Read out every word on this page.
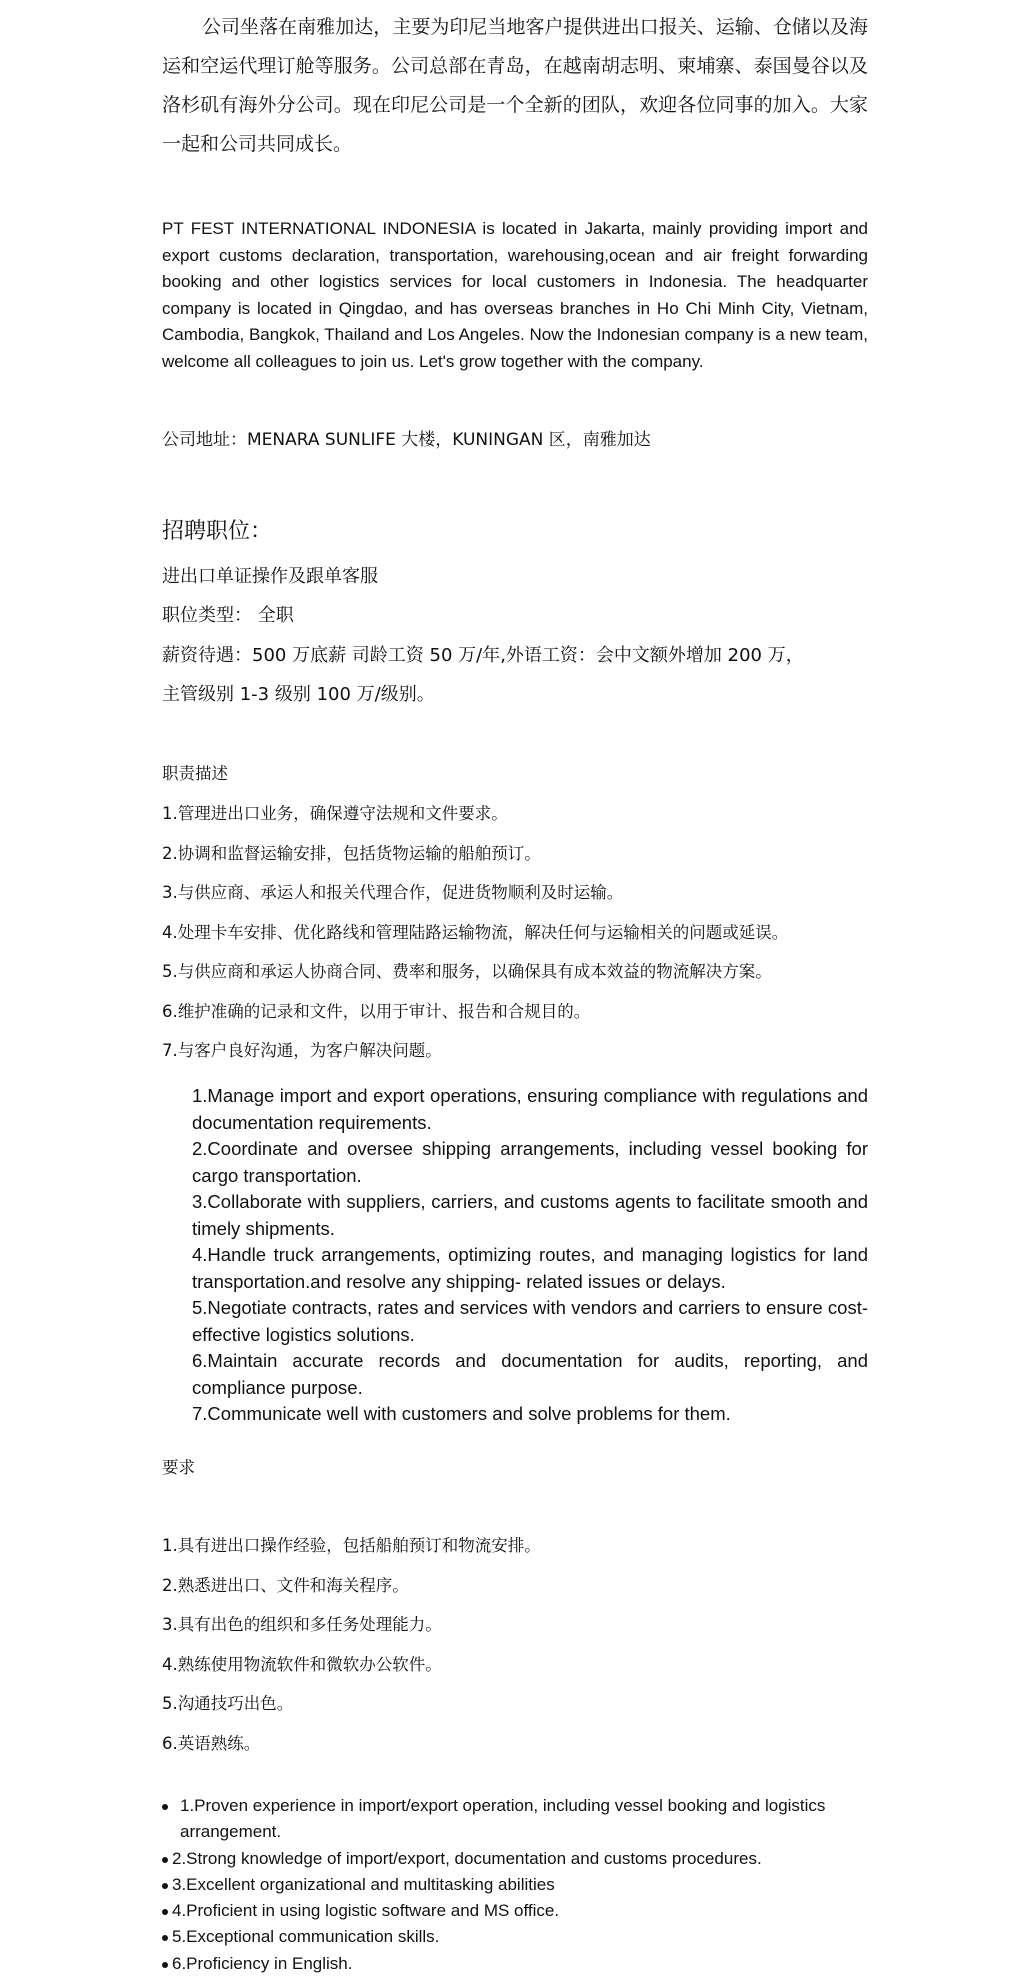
公司坐落在南雅加达，主要为印尼当地客户提供进出口报关、运输、仓储以及海运和空运代理订舱等服务。公司总部在青岛，在越南胡志明、柬埔寨、泰国曼谷以及洛杉矶有海外分公司。现在印尼公司是一个全新的团队，欢迎各位同事的加入。大家一起和公司共同成长。

PT FEST INTERNATIONAL INDONESIA is located in Jakarta, mainly providing import and export customs declaration, transportation, warehousing,ocean and air freight forwarding booking and other logistics services for local customers in Indonesia. The headquarter company is located in Qingdao, and has overseas branches in Ho Chi Minh City, Vietnam, Cambodia, Bangkok, Thailand and Los Angeles. Now the Indonesian company is a new team, welcome all colleagues to join us. Let's grow together with the company.

公司地址：MENARA SUNLIFE 大楼，KUNINGAN 区，南雅加达

招聘职位：
进出口单证操作及跟单客服
职位类型： 全职
薪资待遇：500 万底薪 司龄工资 50 万/年,外语工资：会中文额外增加 200 万，
主管级别 1-3 级别 100 万/级别。
职责描述
1.管理进出口业务，确保遵守法规和文件要求。
2.协调和监督运输安排，包括货物运输的船舶预订。
3.与供应商、承运人和报关代理合作，促进货物顺利及时运输。
4.处理卡车安排、优化路线和管理陆路运输物流，解决任何与运输相关的问题或延误。
5.与供应商和承运人协商合同、费率和服务，以确保具有成本效益的物流解决方案。
6.维护准确的记录和文件，以用于审计、报告和合规目的。
7.与客户良好沟通，为客户解决问题。
1.Manage import and export operations, ensuring compliance with regulations and documentation requirements.
2.Coordinate and oversee shipping arrangements, including vessel booking for cargo transportation.
3.Collaborate with suppliers, carriers, and customs agents to facilitate smooth and timely shipments.
4.Handle truck arrangements, optimizing routes, and managing logistics for land transportation.and resolve any shipping- related issues or delays.
5.Negotiate contracts, rates and services with vendors and carriers to ensure cost-effective logistics solutions.
6.Maintain accurate records and documentation for audits, reporting, and compliance purpose.
7.Communicate well with customers and solve problems for them.
要求
1.具有进出口操作经验，包括船舶预订和物流安排。
2.熟悉进出口、文件和海关程序。
3.具有出色的组织和多任务处理能力。
4.熟练使用物流软件和微软办公软件。
5.沟通技巧出色。
6.英语熟练。
1.Proven experience in import/export operation, including vessel booking and logistics arrangement.
2.Strong knowledge of import/export, documentation and customs procedures.
3.Excellent organizational and multitasking abilities
4.Proficient in using logistic software and MS office.
5.Exceptional communication skills.
6.Proficiency in English.
